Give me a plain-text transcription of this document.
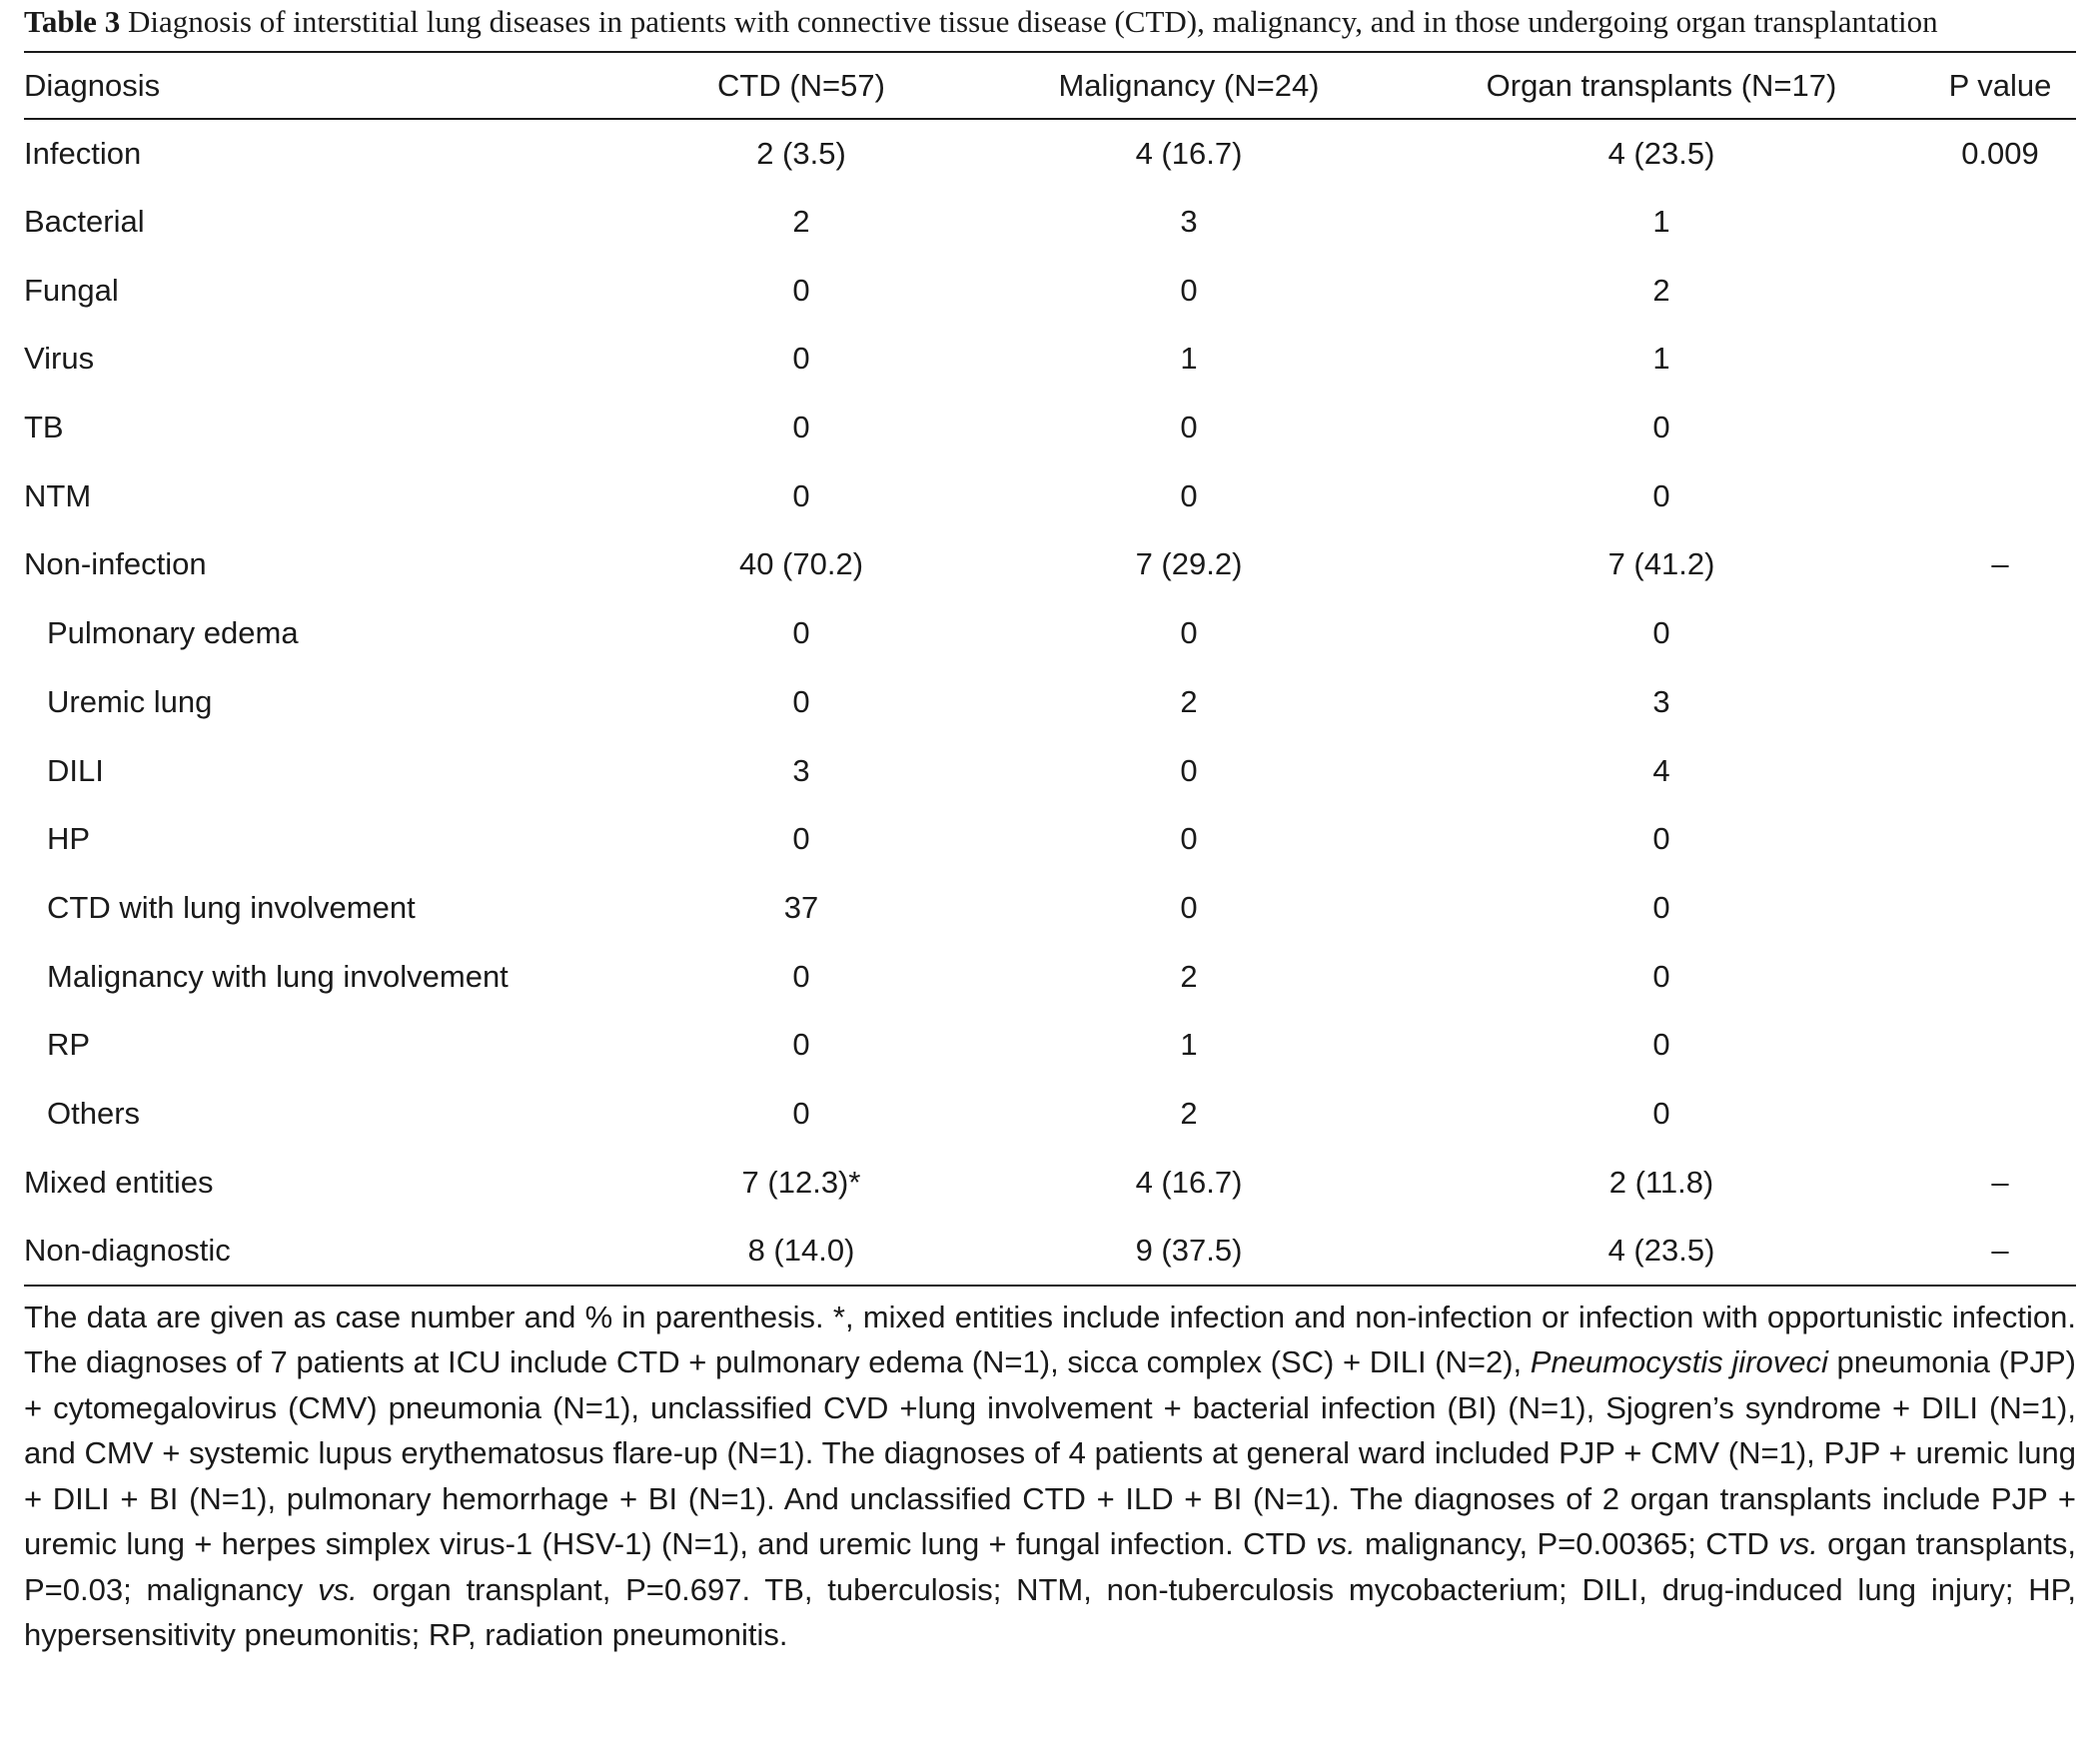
Table 3 Diagnosis of interstitial lung diseases in patients with connective tissue disease (CTD), malignancy, and in those undergoing organ transplantation

Diagnosis	CTD (N=57)	Malignancy (N=24)	Organ transplants (N=17)	P value
Infection	2 (3.5)	4 (16.7)	4 (23.5)	0.009
Bacterial	2	3	1	
Fungal	0	0	2	
Virus	0	1	1	
TB	0	0	0	
NTM	0	0	0	
Non-infection	40 (70.2)	7 (29.2)	7 (41.2)	–
Pulmonary edema	0	0	0	
Uremic lung	0	2	3	
DILI	3	0	4	
HP	0	0	0	
CTD with lung involvement	37	0	0	
Malignancy with lung involvement	0	2	0	
RP	0	1	0	
Others	0	2	0	
Mixed entities	7 (12.3)*	4 (16.7)	2 (11.8)	–
Non-diagnostic	8 (14.0)	9 (37.5)	4 (23.5)	–

The data are given as case number and % in parenthesis. *, mixed entities include infection and non-infection or infection with opportunistic infection. The diagnoses of 7 patients at ICU include CTD + pulmonary edema (N=1), sicca complex (SC) + DILI (N=2), Pneumocystis jiroveci pneumonia (PJP) + cytomegalovirus (CMV) pneumonia (N=1), unclassified CVD +lung involvement + bacterial infection (BI) (N=1), Sjogren’s syndrome + DILI (N=1), and CMV + systemic lupus erythematosus flare-up (N=1). The diagnoses of 4 patients at general ward included PJP + CMV (N=1), PJP + uremic lung + DILI + BI (N=1), pulmonary hemorrhage + BI (N=1). And unclassified CTD + ILD + BI (N=1). The diagnoses of 2 organ transplants include PJP + uremic lung + herpes simplex virus-1 (HSV-1) (N=1), and uremic lung + fungal infection. CTD vs. malignancy, P=0.00365; CTD vs. organ transplants, P=0.03; malignancy vs. organ transplant, P=0.697. TB, tuberculosis; NTM, non-tuberculosis mycobacterium; DILI, drug-induced lung injury; HP, hypersensitivity pneumonitis; RP, radiation pneumonitis.
